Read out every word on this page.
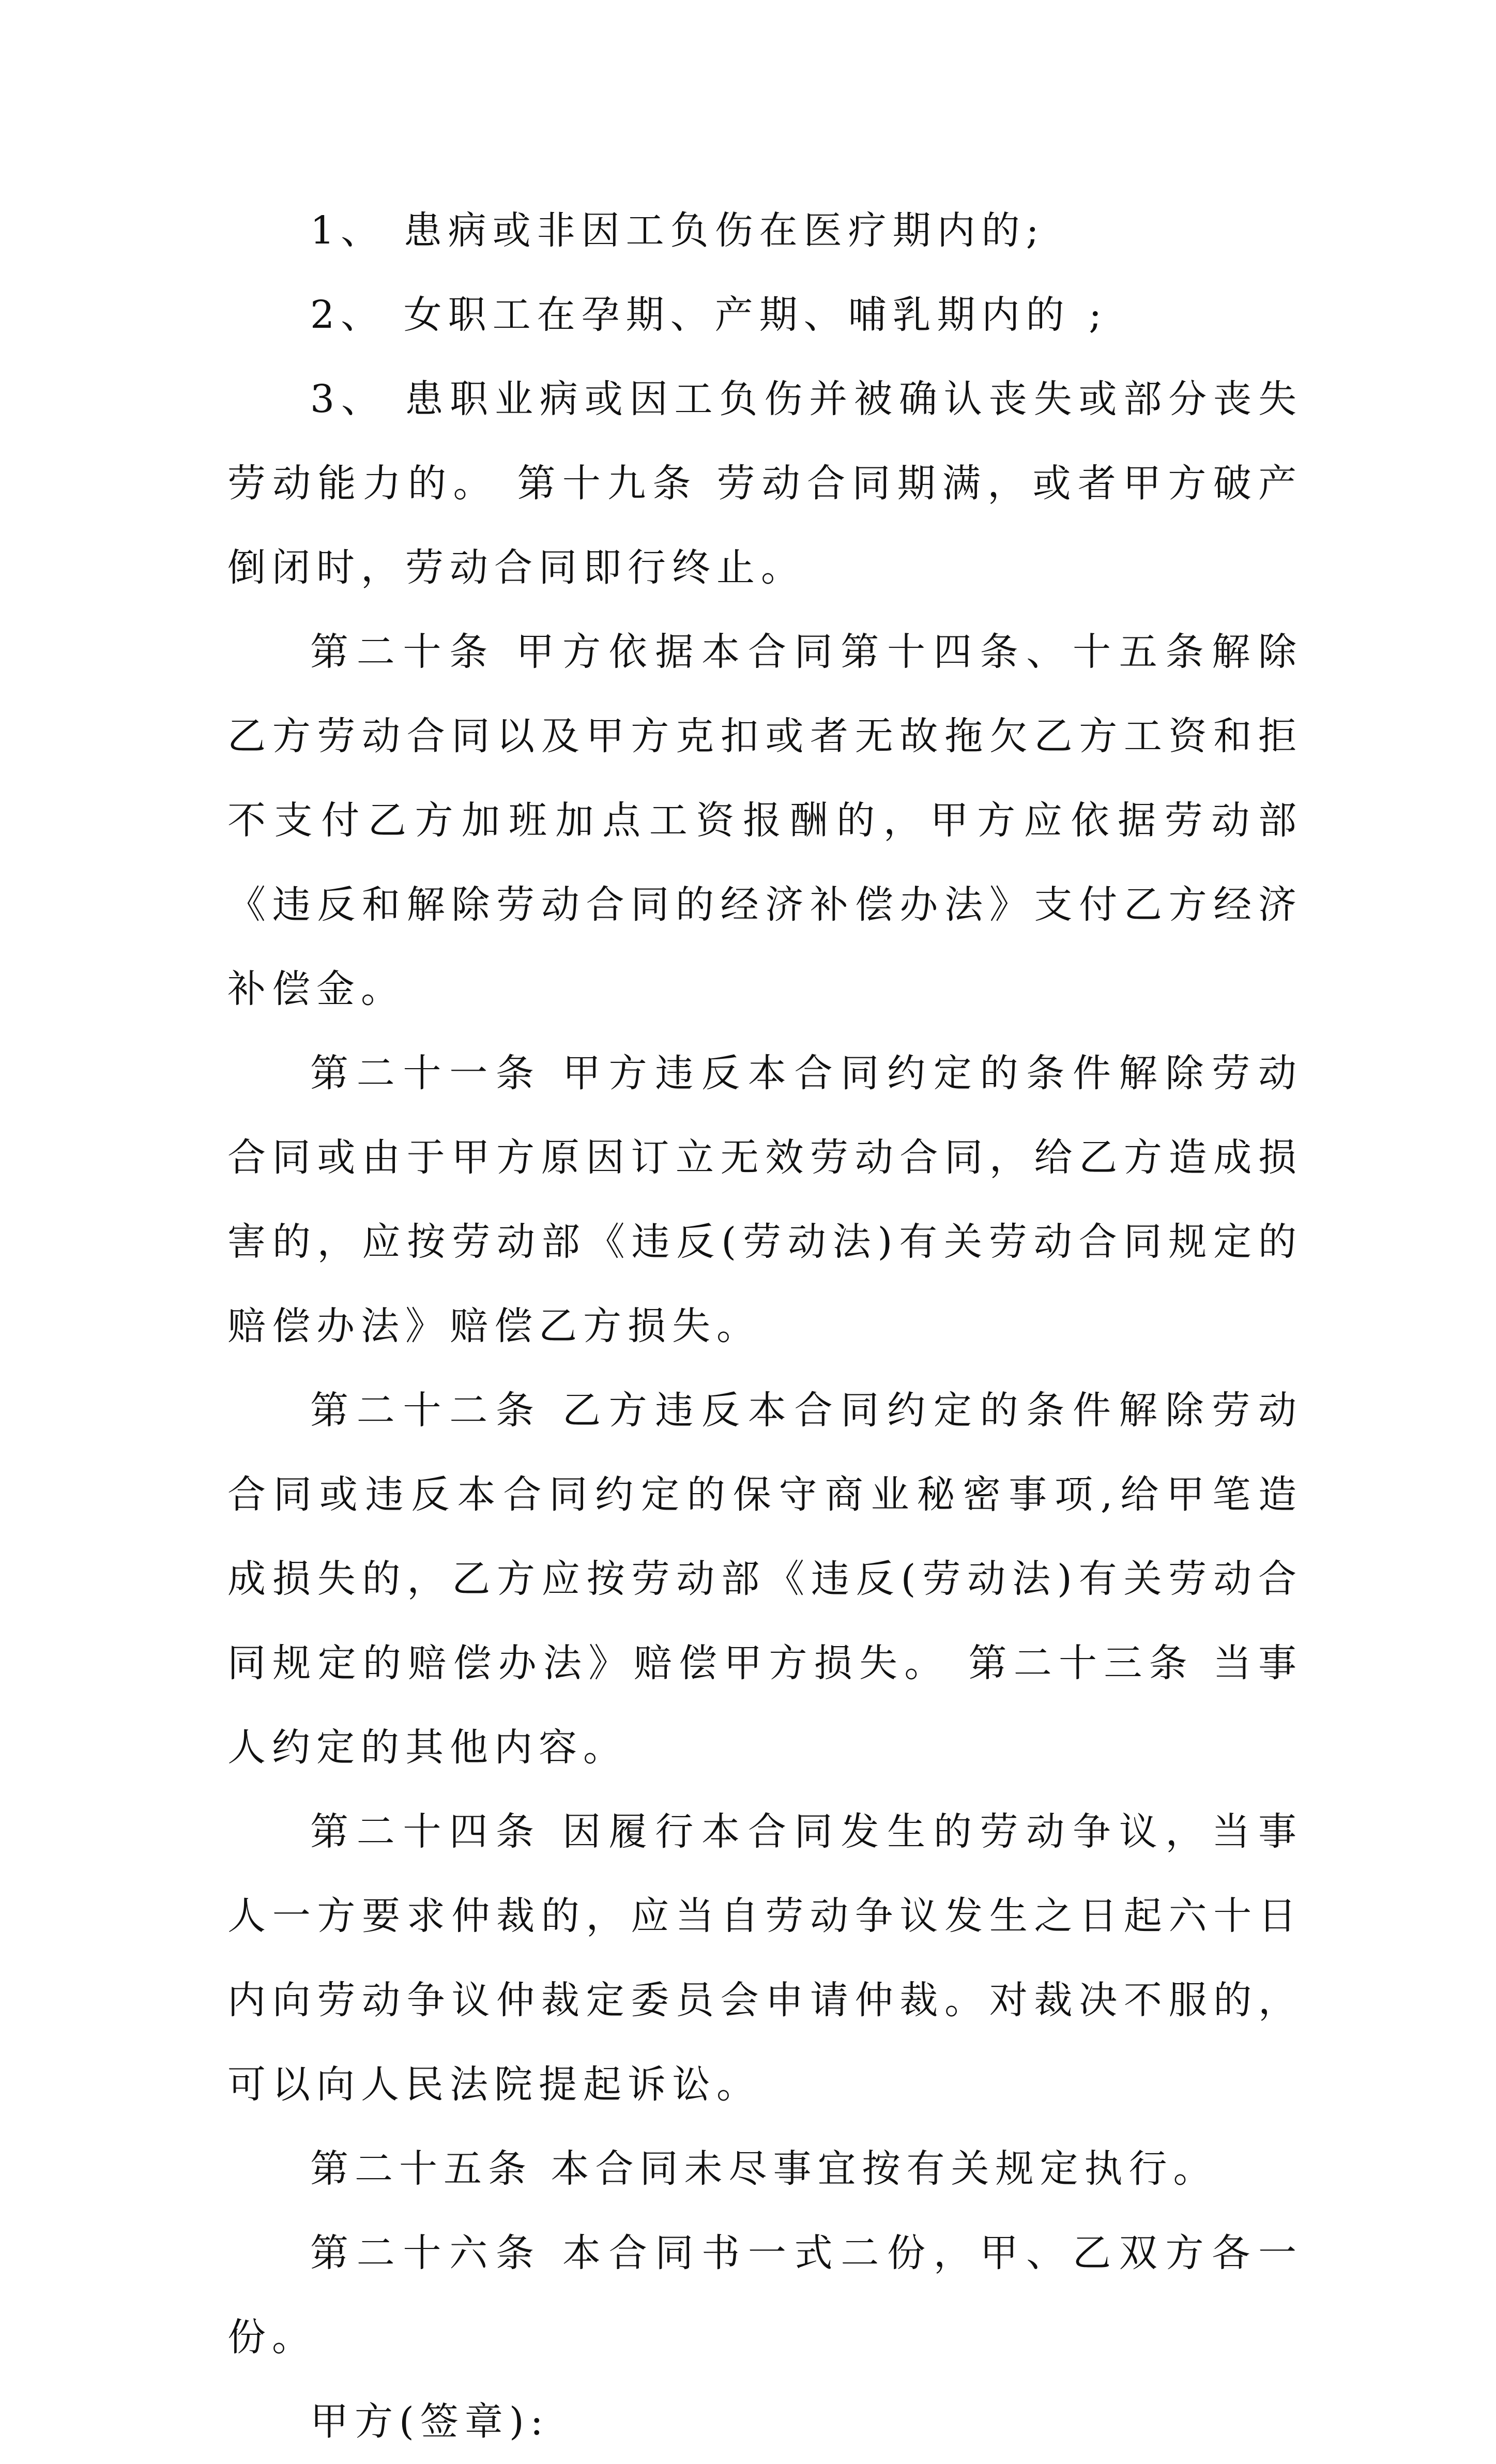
1、 患病或非因工负伤在医疗期内的;

2、 女职工在孕期、产期、哺乳期内的 ;

3、 患职业病或因工负伤并被确认丧失或部分丧失劳动能力的。 第十九条 劳动合同期满，或者甲方破产倒闭时，劳动合同即行终止。

第二十条 甲方依据本合同第十四条、十五条解除乙方劳动合同以及甲方克扣或者无故拖欠乙方工资和拒不支付乙方加班加点工资报酬的，甲方应依据劳动部《违反和解除劳动合同的经济补偿办法》支付乙方经济补偿金。

第二十一条 甲方违反本合同约定的条件解除劳动合同或由于甲方原因订立无效劳动合同，给乙方造成损害的，应按劳动部《违反(劳动法)有关劳动合同规定的赔偿办法》赔偿乙方损失。

第二十二条 乙方违反本合同约定的条件解除劳动合同或违反本合同约定的保守商业秘密事项,给甲笔造成损失的，乙方应按劳动部《违反(劳动法)有关劳动合同规定的赔偿办法》赔偿甲方损失。 第二十三条 当事人约定的其他内容。

第二十四条 因履行本合同发生的劳动争议，当事人一方要求仲裁的，应当自劳动争议发生之日起六十日内向劳动争议仲裁定委员会申请仲裁。对裁决不服的，可以向人民法院提起诉讼。

第二十五条 本合同未尽事宜按有关规定执行。

第二十六条 本合同书一式二份，甲、乙双方各一份。

甲方(签章):
